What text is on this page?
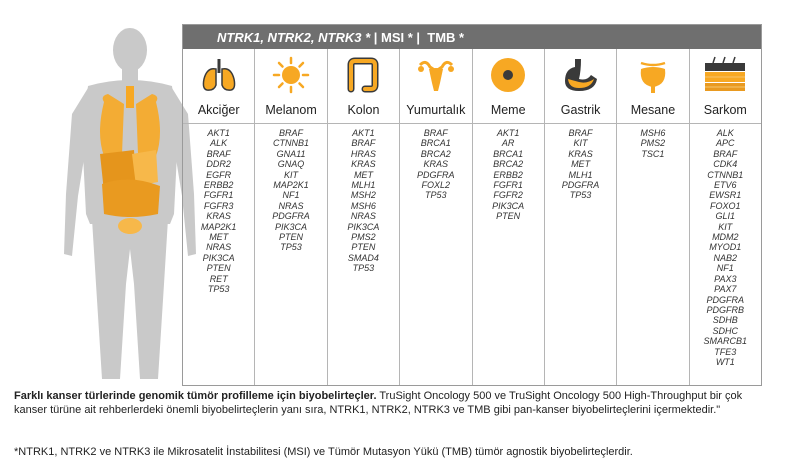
NTRK1, NTRK2, NTRK3 * | MSI * | TMB *
Akciğer
AKT1
ALK
BRAF
DDR2
EGFR
ERBB2
FGFR1
FGFR3
KRAS
MAP2K1
MET
NRAS
PIK3CA
PTEN
RET
TP53
Melanom
BRAF
CTNNB1
GNA11
GNAQ
KIT
MAP2K1
NF1
NRAS
PDGFRA
PIK3CA
PTEN
TP53
Kolon
AKT1
BRAF
HRAS
KRAS
MET
MLH1
MSH2
MSH6
NRAS
PIK3CA
PMS2
PTEN
SMAD4
TP53
Yumurtalık
BRAF
BRCA1
BRCA2
KRAS
PDGFRA
FOXL2
TP53
Meme
AKT1
AR
BRCA1
BRCA2
ERBB2
FGFR1
FGFR2
PIK3CA
PTEN
Gastrik
BRAF
KIT
KRAS
MET
MLH1
PDGFRA
TP53
Mesane
MSH6
PMS2
TSC1
Sarkom
ALK
APC
BRAF
CDK4
CTNNB1
ETV6
EWSR1
FOXO1
GLI1
KIT
MDM2
MYOD1
NAB2
NF1
PAX3
PAX7
PDGFRA
PDGFRB
SDHB
SDHC
SMARCB1
TFE3
WT1
Farklı kanser türlerinde genomik tümör profilleme için biyobelirteçler. TruSight Oncology 500 ve TruSight Oncology 500 High-Throughput bir çok kanser türüne ait rehberlerdeki önemli biyobelirteçlerin yanı sıra, NTRK1, NTRK2, NTRK3 ve TMB gibi pan-kanser biyobelirteçlerini içermektedir."
*NTRK1, NTRK2 ve NTRK3 ile Mikrosatelit İnstabilitesi (MSI) ve Tümör Mutasyon Yükü (TMB) tümör agnostik biyobelirteçlerdir.
